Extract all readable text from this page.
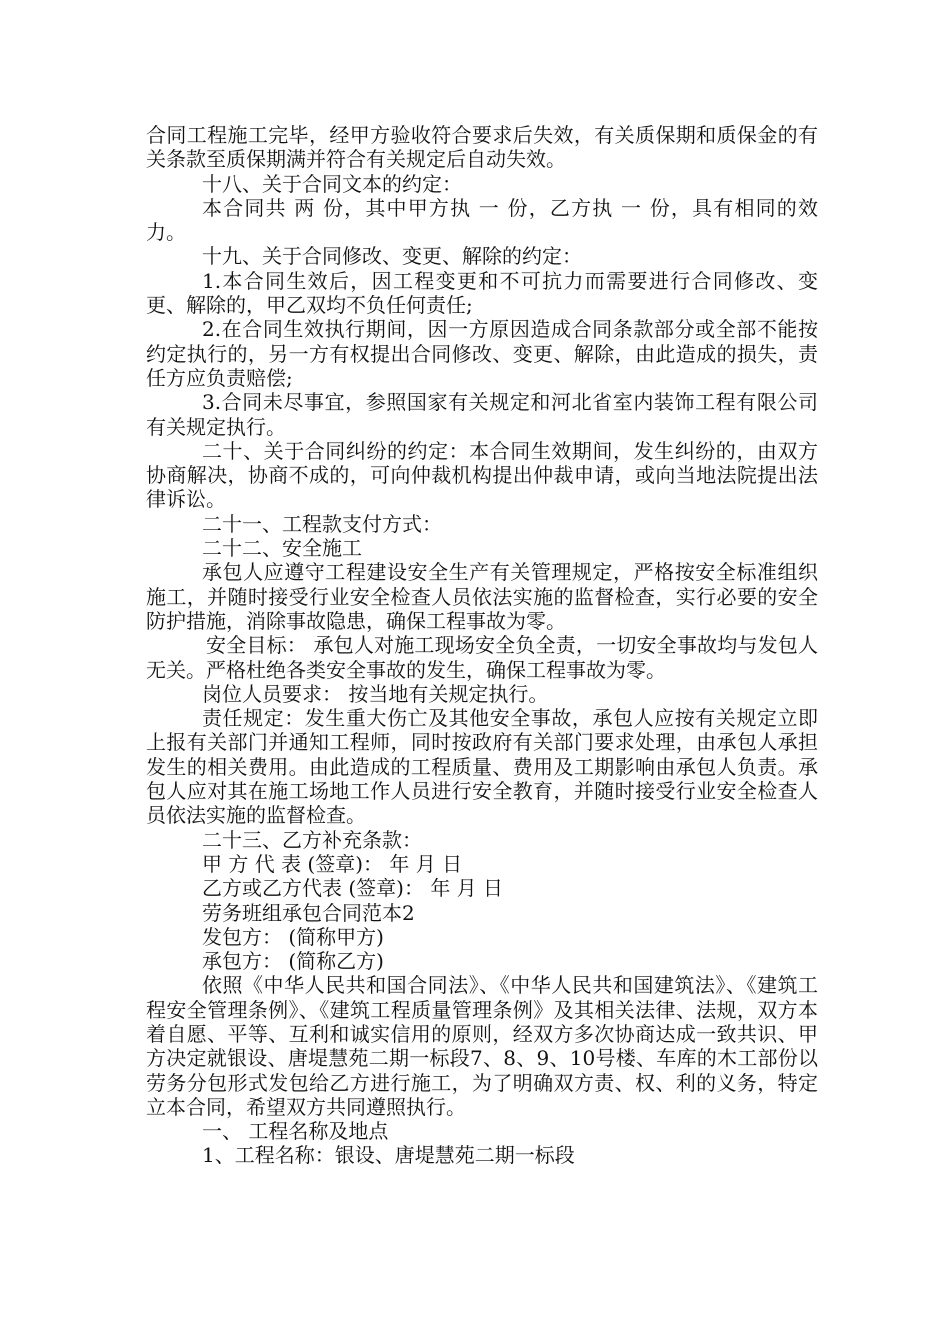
合同工程施工完毕，经甲方验收符合要求后失效，有关质保期和质保金的有关条款至质保期满并符合有关规定后自动失效。

十八、关于合同文本的约定：

本合同共 两 份，其中甲方执 一 份，乙方执 一 份，具有相同的效力。

十九、关于合同修改、变更、解除的约定：

1.本合同生效后，因工程变更和不可抗力而需要进行合同修改、变更、解除的，甲乙双均不负任何责任;

2.在合同生效执行期间，因一方原因造成合同条款部分或全部不能按约定执行的，另一方有权提出合同修改、变更、解除，由此造成的损失，责任方应负责赔偿;

3.合同未尽事宜，参照国家有关规定和河北省室内装饰工程有限公司有关规定执行。

二十、关于合同纠纷的约定：本合同生效期间，发生纠纷的，由双方协商解决，协商不成的，可向仲裁机构提出仲裁申请，或向当地法院提出法律诉讼。

二十一、工程款支付方式：

二十二、安全施工

承包人应遵守工程建设安全生产有关管理规定，严格按安全标准组织施工，并随时接受行业安全检查人员依法实施的监督检查，实行必要的安全防护措施，消除事故隐患，确保工程事故为零。

安全目标： 承包人对施工现场安全负全责，一切安全事故均与发包人无关。严格杜绝各类安全事故的发生，确保工程事故为零。

岗位人员要求： 按当地有关规定执行。

责任规定：发生重大伤亡及其他安全事故，承包人应按有关规定立即上报有关部门并通知工程师，同时按政府有关部门要求处理，由承包人承担发生的相关费用。由此造成的工程质量、费用及工期影响由承包人负责。承包人应对其在施工场地工作人员进行安全教育，并随时接受行业安全检查人员依法实施的监督检查。

二十三、乙方补充条款：

甲 方 代 表 (签章)： 年 月 日

乙方或乙方代表 (签章)： 年 月 日

劳务班组承包合同范本2

发包方： (简称甲方)

承包方： (简称乙方)

依照《中华人民共和国合同法》、《中华人民共和国建筑法》、《建筑工程安全管理条例》、《建筑工程质量管理条例》及其相关法律、法规，双方本着自愿、平等、互利和诚实信用的原则，经双方多次协商达成一致共识、甲方决定就银设、唐堤慧苑二期一标段7、8、9、10号楼、车库的木工部份以劳务分包形式发包给乙方进行施工，为了明确双方责、权、利的义务，特定立本合同，希望双方共同遵照执行。

一、 工程名称及地点

1、工程名称：银设、唐堤慧苑二期一标段
